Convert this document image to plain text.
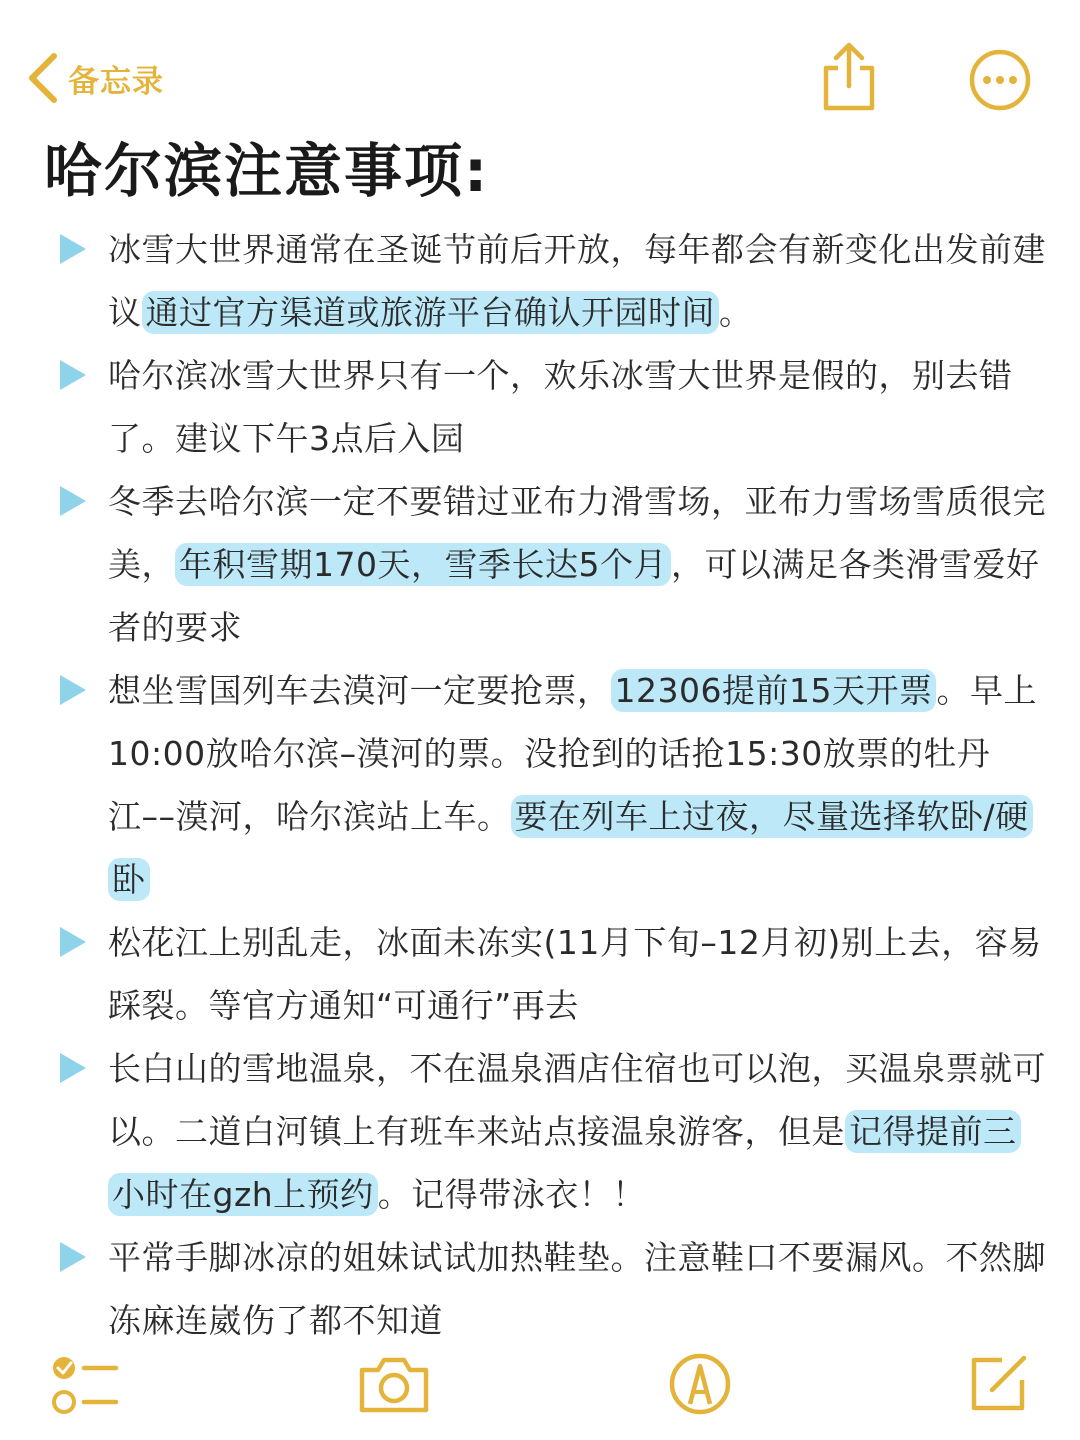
备忘录
哈尔滨注意事项:
冰雪大世界通常在圣诞节前后开放，每年都会有新变化出发前建议 通过官方渠道或旅游平台确认开园时间 。
哈尔滨冰雪大世界只有一个，欢乐冰雪大世界是假的，别去错了。建议下午3点后入园
冬季去哈尔滨一定不要错过亚布力滑雪场，亚布力雪场雪质很完美， 年积雪期170天，雪季长达5个月 ，可以满足各类滑雪爱好者的要求
想坐雪国列车去漠河一定要抢票， 12306提前15天开票 。早上10:00放哈尔滨–漠河的票。没抢到的话抢15:30放票的牡丹江––漠河，哈尔滨站上车。 要在列车上过夜，尽量选择软卧/硬卧
松花江上别乱走，冰面未冻实(11月下旬–12月初)别上去，容易踩裂。等官方通知“可通行”再去
长白山的雪地温泉，不在温泉酒店住宿也可以泡，买温泉票就可以。二道白河镇上有班车来站点接温泉游客，但是 记得提前三小时在gzh上预约 。记得带泳衣！！
平常手脚冰凉的姐妹试试加热鞋垫。注意鞋口不要漏风。不然脚冻麻连崴伤了都不知道
